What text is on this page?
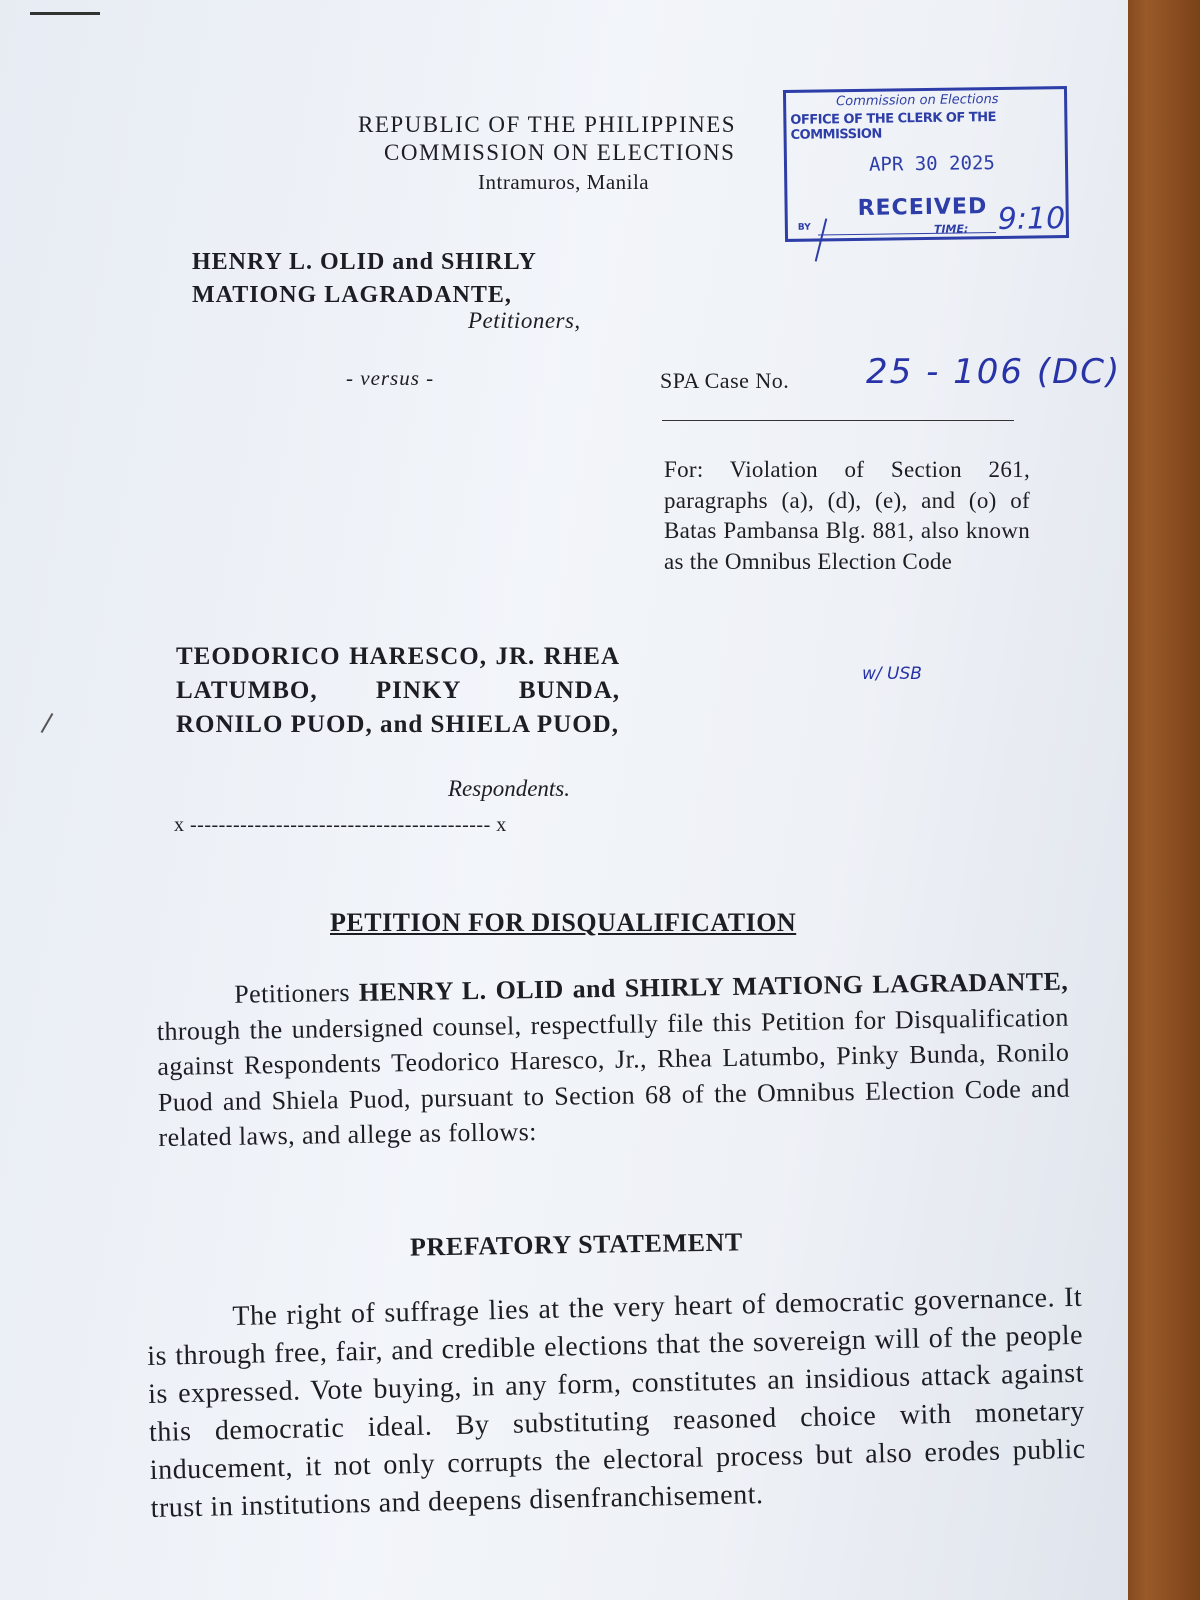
REPUBLIC OF THE PHILIPPINES
COMMISSION ON ELECTIONS
Intramuros, Manila
Commission on Elections
OFFICE OF THE CLERK OF THE COMMISSION
APR 30 2025
RECEIVED
BY	TIME: 9:10
HENRY L. OLID and SHIRLY
MATIONG LAGRADANTE,
Petitioners,
- versus -	SPA Case No. 25 - 106 (DC)
For: Violation of Section 261, paragraphs (a), (d), (e), and (o) of Batas Pambansa Blg. 881, also known as the Omnibus Election Code
TEODORICO HARESCO, JR. RHEA LATUMBO, PINKY BUNDA, RONILO PUOD, and SHIELA PUOD,
w/ USB
Respondents.
x ------------------------------------------ x
PETITION FOR DISQUALIFICATION
Petitioners HENRY L. OLID and SHIRLY MATIONG LAGRADANTE, through the undersigned counsel, respectfully file this Petition for Disqualification against Respondents Teodorico Haresco, Jr., Rhea Latumbo, Pinky Bunda, Ronilo Puod and Shiela Puod, pursuant to Section 68 of the Omnibus Election Code and related laws, and allege as follows:
PREFATORY STATEMENT
The right of suffrage lies at the very heart of democratic governance. It is through free, fair, and credible elections that the sovereign will of the people is expressed. Vote buying, in any form, constitutes an insidious attack against this democratic ideal. By substituting reasoned choice with monetary inducement, it not only corrupts the electoral process but also erodes public trust in institutions and deepens disenfranchisement.
